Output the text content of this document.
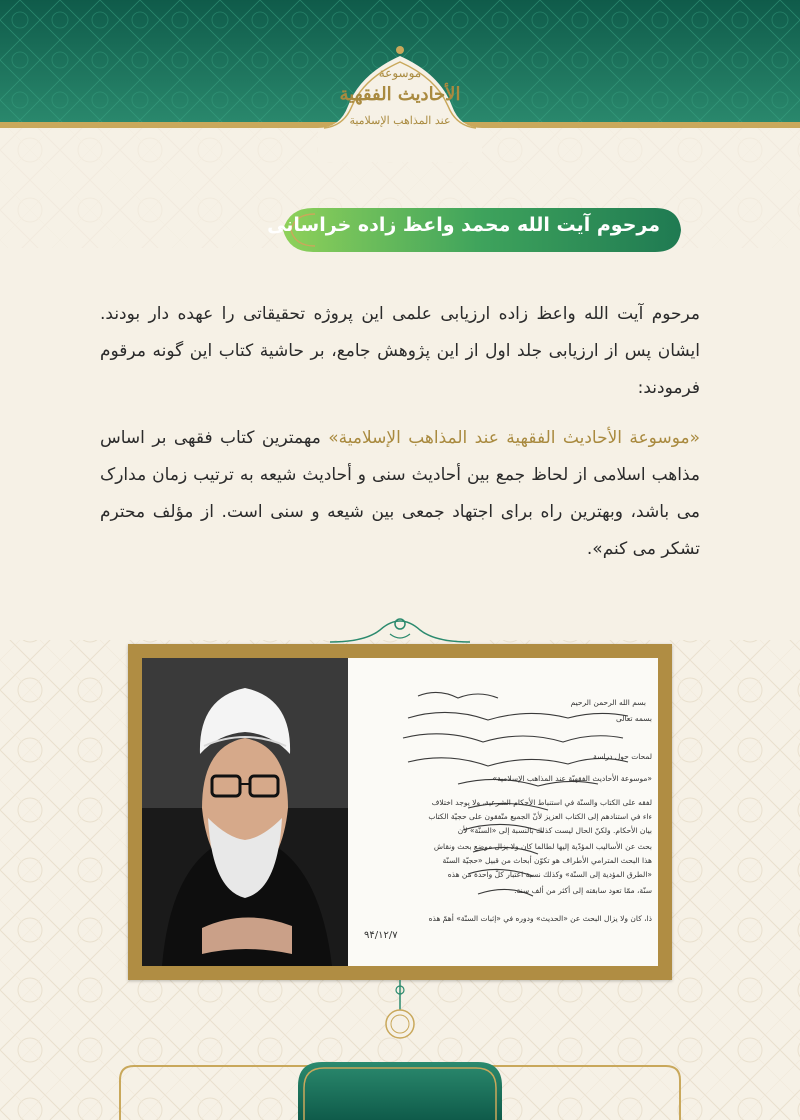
موسوعة
الأحاديث الفقهية
عند المذاهب الإسلامية
مرحوم آیت الله محمد واعظ زاده خراسانی
مرحوم آیت الله واعظ زاده ارزیابی علمی این پروژه تحقیقاتی را عهده دار بودند. ایشان پس از ارزیابی جلد اول از این پژوهش جامع، بر حاشیة کتاب این گونه مرقوم فرمودند:
«موسوعة الأحادیث الفقهیة عند المذاهب الإسلامیة» مهمترین کتاب فقهی بر اساس مذاهب اسلامی از لحاظ جمع بین أحادیث سنی و أحادیث شیعه به ترتیب زمان مدارک می باشد، وبهترین راه برای اجتهاد جمعی بین شیعه و سنی است. از مؤلف محترم تشکر می کنم».
بسم الله الرحمن الرحیم
بسمه تعالى
لمحات حول دراسة
«موسوعة الأحاديث الفقهيّة عند المذاهب الإسلامية»
لفقه على الكتاب والسنّة في استنباط الأحكام الشرعية، ولا يوجد اختلاف
ءاء في استنادهم إلى الكتاب العزيز لأنّ الجميع متّفقون على حجيّة الكتاب
بيان الأحكام. ولكنّ الحال ليست كذلك بالنسبة إلى «السنّة» لأن
بحث عن الأساليب المؤدّية إليها لطالما كان ولا يزال موضع بحث ونقاش
هذا البحث المترامي الأطراف هو تكوّن أبحاث من قبيل «حجيّة السنّة
«الطرق المؤدية إلى السنّة» وكذلك نسبة اعتبار كلّ واحدة من هذه
سنّة، ممّا تعود سابقته إلى أكثر من ألف سنة.
ذا، كان ولا يزال البحث عن «الحديث» ودوره في «إثبات السنّة» أهمّ هذه
۹۴/۱۲/۷
